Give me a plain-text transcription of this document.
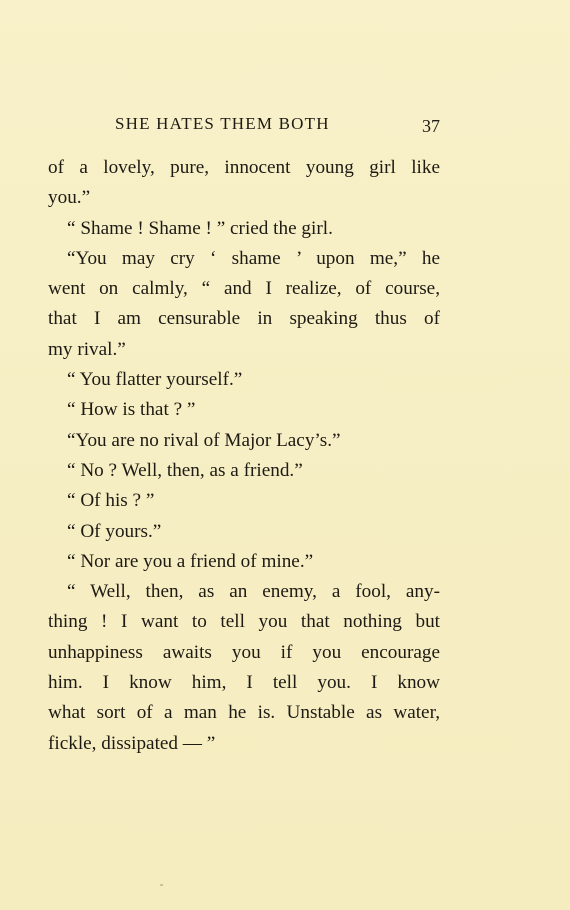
SHE HATES THEM BOTH	37
of a lovely, pure, innocent young girl like
you.”
“ Shame ! Shame ! ” cried the girl.
“You may cry ‘ shame ’ upon me,” he
went on calmly, “ and I realize, of course,
that I am censurable in speaking thus of
my rival.”
“ You flatter yourself.”
“ How is that ? ”
“You are no rival of Major Lacy’s.”
“ No ? Well, then, as a friend.”
“ Of his ? ”
“ Of yours.”
“ Nor are you a friend of mine.”
“ Well, then, as an enemy, a fool, any-
thing ! I want to tell you that nothing but
unhappiness awaits you if you encourage
him. I know him, I tell you. I know
what sort of a man he is. Unstable as water,
fickle, dissipated — ”
